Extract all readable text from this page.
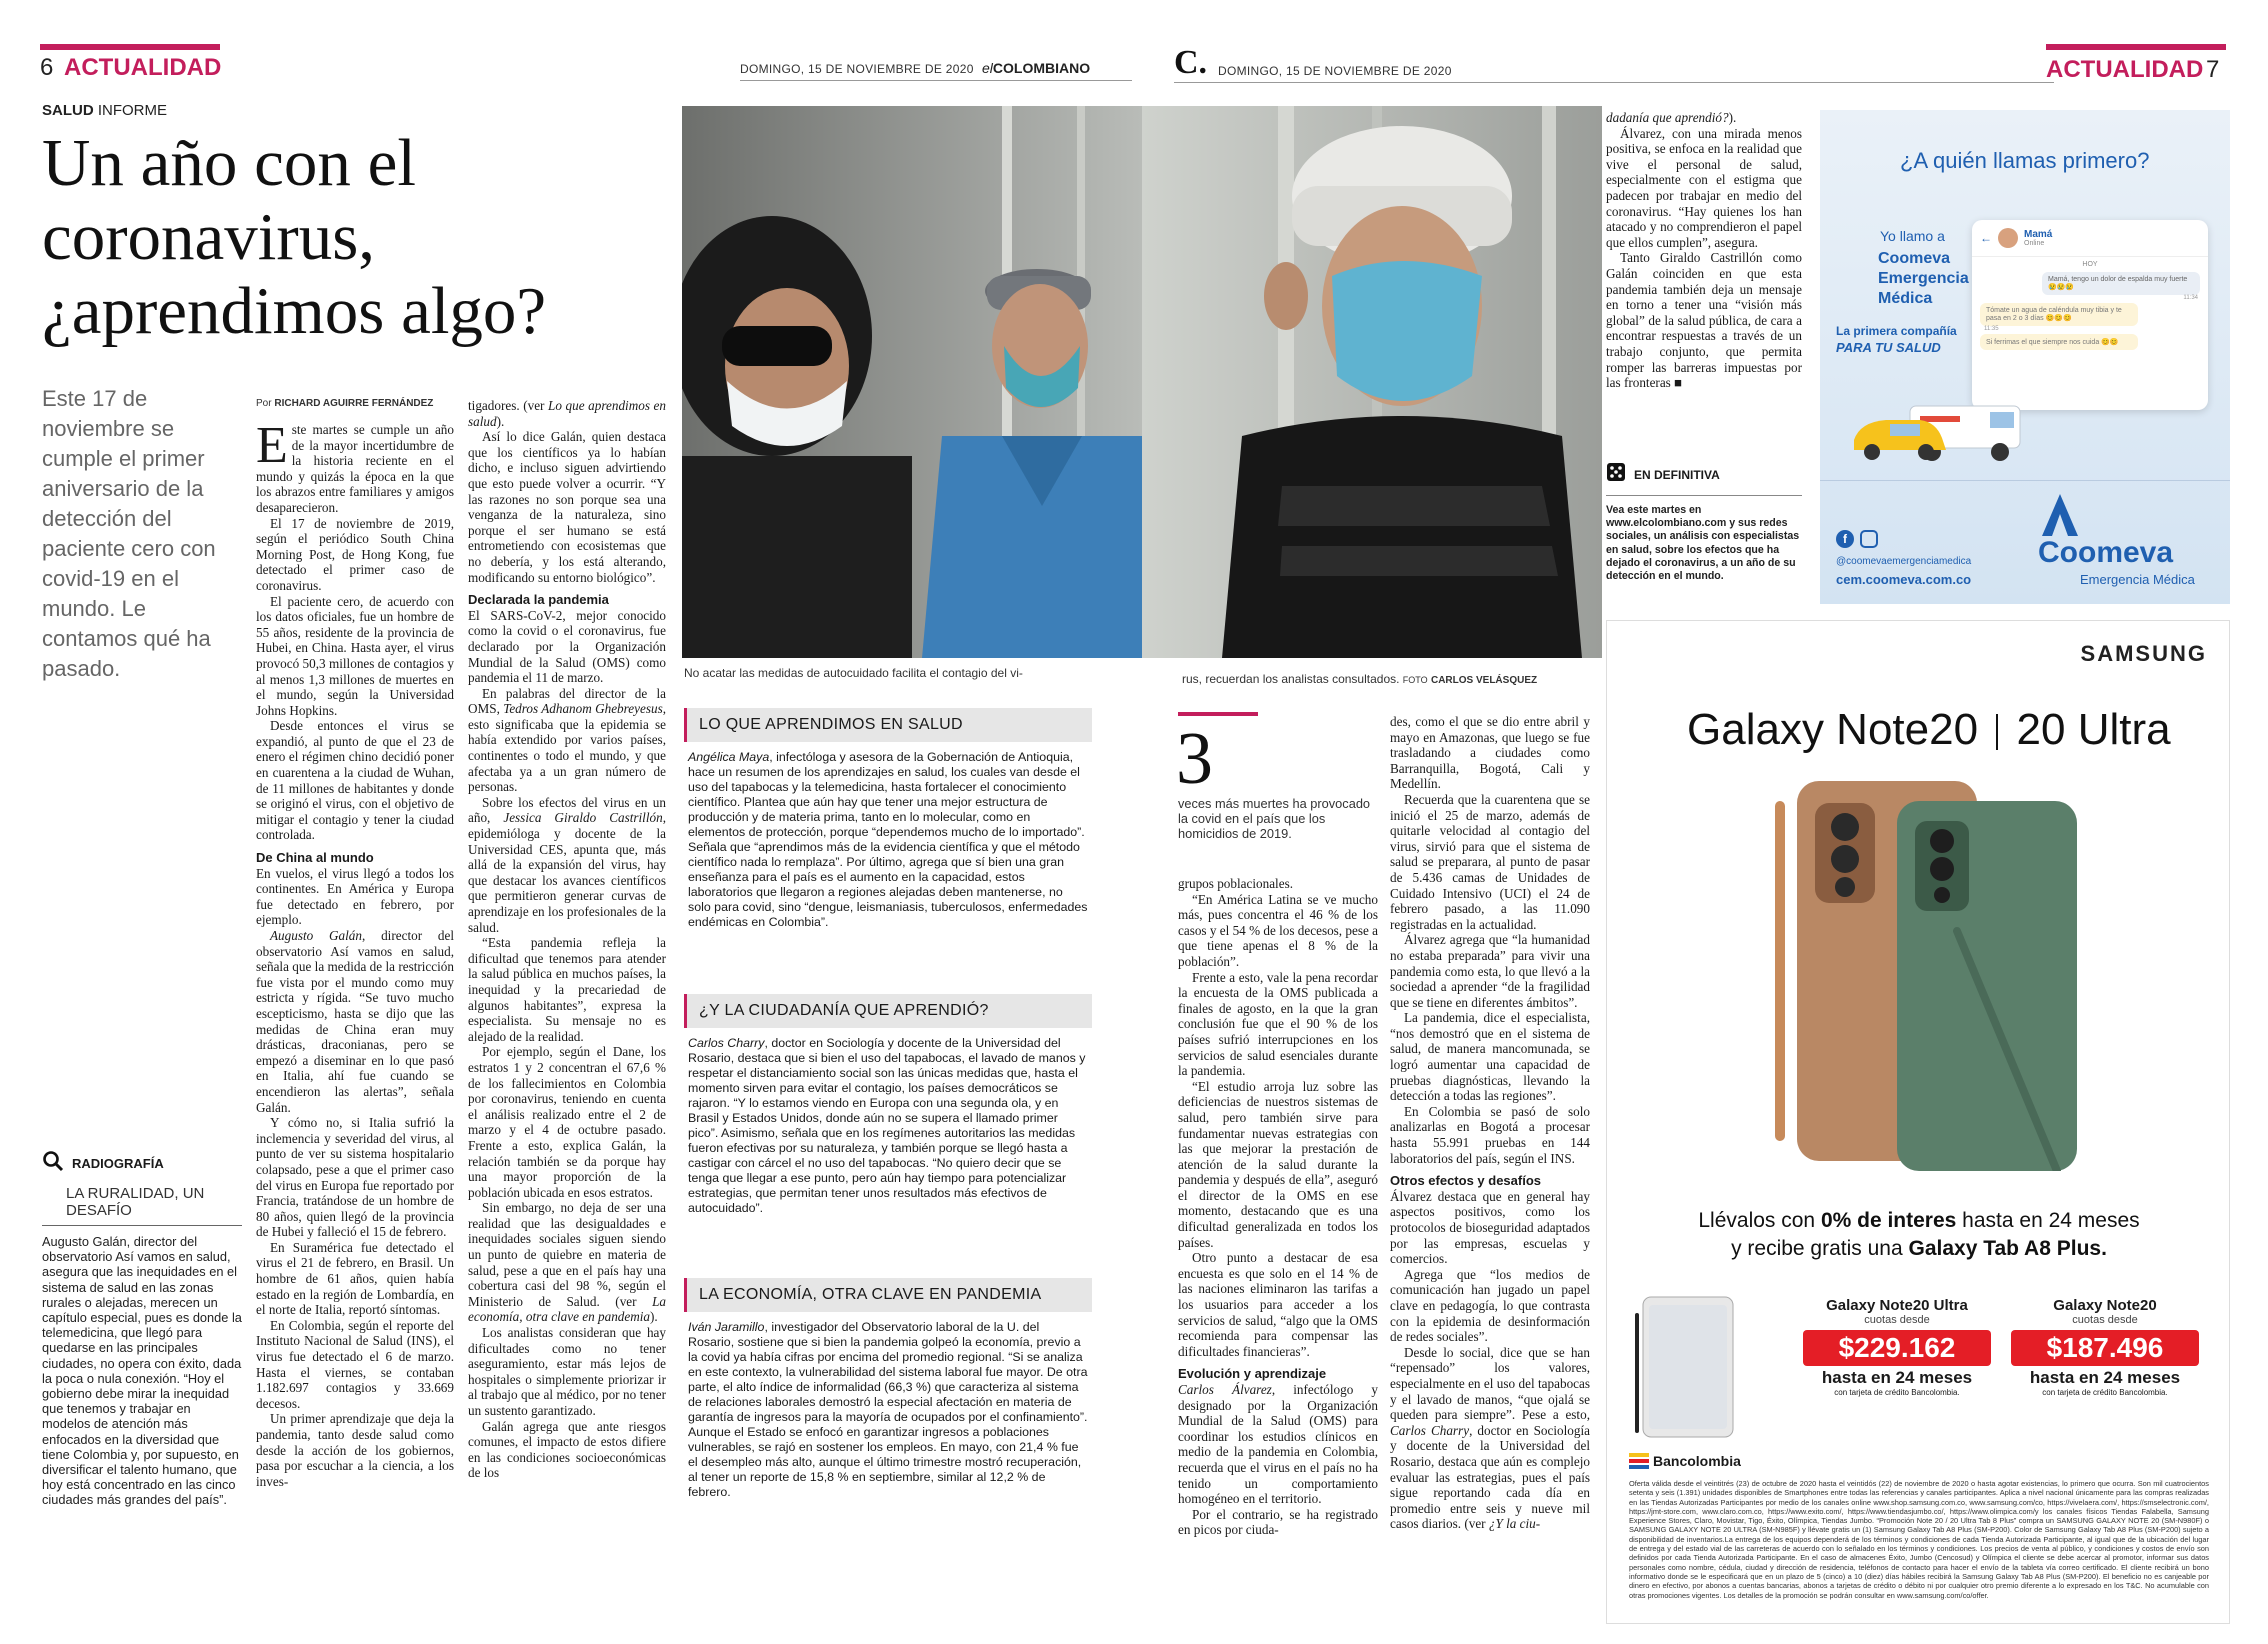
6 ACTUALIDAD	DOMINGO, 15 DE NOVIEMBRE DE 2020 elCOLOMBIANO C. DOMINGO, 15 DE NOVIEMBRE DE 2020	ACTUALIDAD 7
SALUD INFORME
Un año con el coronavirus, ¿aprendimos algo?
Este 17 de noviembre se cumple el primer aniversario de la detección del paciente cero con covid-19 en el mundo. Le contamos qué ha pasado.
RADIOGRAFÍA
LA RURALIDAD, UN DESAFÍO
Augusto Galán, director del observatorio Así vamos en salud, asegura que las inequidades en el sistema de salud en las zonas rurales o alejadas, merecen un capítulo especial, pues es donde la telemedicina, que llegó para quedarse en las principales ciudades, no opera con éxito, dada la poca o nula conexión. “Hoy el gobierno debe mirar la inequidad que tenemos y trabajar en modelos de atención más enfocados en la diversidad que tiene Colombia y, por supuesto, en diversificar el talento humano, que hoy está concentrado en las cinco ciudades más grandes del país”.
Por RICHARD AGUIRRE FERNÁNDEZ

Este martes se cumple un año de la mayor incertidumbre de la historia reciente en el mundo y quizás la época en la que los abrazos entre familiares y amigos desaparecieron.

El 17 de noviembre de 2019, según el periódico South China Morning Post, de Hong Kong, fue detectado el primer caso de coronavirus.

El paciente cero, de acuerdo con los datos oficiales, fue un hombre de 55 años, residente de la provincia de Hubei, en China. Hasta ayer, el virus provocó 50,3 millones de contagios y al menos 1,3 millones de muertes en el mundo, según la Universidad Johns Hopkins.

Desde entonces el virus se expandió, al punto de que el 23 de enero el régimen chino decidió poner en cuarentena a la ciudad de Wuhan, de 11 millones de habitantes y donde se originó el virus, con el objetivo de mitigar el contagio y tener la ciudad controlada.

De China al mundo

En vuelos, el virus llegó a todos los continentes. En América y Europa fue detectado en febrero, por ejemplo.

Augusto Galán, director del observatorio Así vamos en salud, señala que la medida de la restricción fue vista por el mundo como muy estricta y rígida. “Se tuvo mucho escepticismo, hasta se dijo que las medidas de China eran muy drásticas, draconianas, pero se empezó a diseminar en lo que pasó en Italia, ahí fue cuando se encendieron las alertas”, señala Galán.

Y cómo no, si Italia sufrió la inclemencia y severidad del virus, al punto de ver su sistema hospitalario colapsado, pese a que el primer caso del virus en Europa fue reportado por Francia, tratándose de un hombre de 80 años, quien llegó de la provincia de Hubei y falleció el 15 de febrero.

En Suramérica fue detectado el virus el 21 de febrero, en Brasil. Un hombre de 61 años, quien había estado en la región de Lombardía, en el norte de Italia, reportó síntomas.

En Colombia, según el reporte del Instituto Nacional de Salud (INS), el virus fue detectado el 6 de marzo. Hasta el viernes, se contaban 1.182.697 contagios y 33.669 decesos.

Un primer aprendizaje que deja la pandemia, tanto desde salud como desde la acción de los gobiernos, pasa por escuchar a la ciencia, a los inves-

tigadores. (ver Lo que aprendimos en salud).

Así lo dice Galán, quien destaca que los científicos ya lo habían dicho, e incluso siguen advirtiendo que esto puede volver a ocurrir. “Y las razones no son porque sea una venganza de la naturaleza, sino porque el ser humano se está entrometiendo con ecosistemas que no debería, y los está alterando, modificando su entorno biológico”.

Declarada la pandemia

El SARS-CoV-2, mejor conocido como la covid o el coronavirus, fue declarado por la Organización Mundial de la Salud (OMS) como pandemia el 11 de marzo.

En palabras del director de la OMS, Tedros Adhanom Ghebreyesus, esto significaba que la epidemia se había extendido por varios países, continentes o todo el mundo, y que afectaba ya a un gran número de personas.

Sobre los efectos del virus en un año, Jessica Giraldo Castrillón, epidemióloga y docente de la Universidad CES, apunta que, más allá de la expansión del virus, hay que destacar los avances científicos que permitieron generar curvas de aprendizaje en los profesionales de la salud.

“Esta pandemia refleja la dificultad que tenemos para atender la salud pública en muchos países, la inequidad y la precariedad de algunos habitantes”, expresa la especialista. Su mensaje no es alejado de la realidad.

Por ejemplo, según el Dane, los estratos 1 y 2 concentran el 67,6 % de los fallecimientos en Colombia por coronavirus, teniendo en cuenta el análisis realizado entre el 2 de marzo y el 4 de octubre pasado. Frente a esto, explica Galán, la relación también se da porque hay una mayor proporción de la población ubicada en esos estratos.

Sin embargo, no deja de ser una realidad que las desigualdades e inequidades sociales siguen siendo un punto de quiebre en materia de salud, pese a que en el país hay una cobertura casi del 98 %, según el Ministerio de Salud. (ver La economía, otra clave en pandemia).

Los analistas consideran que hay dificultades como no tener aseguramiento, estar más lejos de hospitales o simplemente priorizar ir al trabajo que al médico, por no tener un sustento garantizado.

Galán agrega que ante riesgos comunes, el impacto de estos difiere en las condiciones socioeconómicas de los

No acatar las medidas de autocuidado facilita el contagio del vi-	rus, recuerdan los analistas consultados. FOTO CARLOS VELÁSQUEZ
LO QUE APRENDIMOS EN SALUD
Angélica Maya, infectóloga y asesora de la Gobernación de Antioquia, hace un resumen de los aprendizajes en salud, los cuales van desde el uso del tapabocas y la telemedicina, hasta fortalecer el conocimiento científico. Plantea que aún hay que tener una mejor estructura de producción y de materia prima, tanto en lo molecular, como en elementos de protección, porque “dependemos mucho de lo importado”. Señala que “aprendimos más de la evidencia científica y que el método científico nada lo remplaza”. Por último, agrega que sí bien una gran enseñanza para el país es el aumento en la capacidad, estos laboratorios que llegaron a regiones alejadas deben mantenerse, no solo para covid, sino “dengue, leismaniasis, tuberculosos, enfermedades endémicas en Colombia”.
¿Y LA CIUDADANÍA QUE APRENDIÓ?
Carlos Charry, doctor en Sociología y docente de la Universidad del Rosario, destaca que si bien el uso del tapabocas, el lavado de manos y respetar el distanciamiento social son las únicas medidas que, hasta el momento sirven para evitar el contagio, los países democráticos se rajaron. “Y lo estamos viendo en Europa con una segunda ola, y en Brasil y Estados Unidos, donde aún no se supera el llamado primer pico”. Asimismo, señala que en los regímenes autoritarios las medidas fueron efectivas por su naturaleza, y también porque se llegó hasta a castigar con cárcel el no uso del tapabocas. “No quiero decir que se tenga que llegar a ese punto, pero aún hay tiempo para potencializar estrategias, que permitan tener unos resultados más efectivos de autocuidado”.
LA ECONOMÍA, OTRA CLAVE EN PANDEMIA
Iván Jaramillo, investigador del Observatorio laboral de la U. del Rosario, sostiene que si bien la pandemia golpeó la economía, previo a la covid ya había cifras por encima del promedio regional. “Si se analiza en este contexto, la vulnerabilidad del sistema laboral fue mayor. De otra parte, el alto índice de informalidad (66,3 %) que caracteriza al sistema de relaciones laborales demostró la especial afectación en materia de garantía de ingresos para la mayoría de ocupados por el confinamiento”. Aunque el Estado se enfocó en garantizar ingresos a poblaciones vulnerables, se rajó en sostener los empleos. En mayo, con 21,4 % fue el desempleo más alto, aunque el último trimestre mostró recuperación, al tener un reporte de 15,8 % en septiembre, similar al 12,2 % de febrero.
3
veces más muertes ha provocado la covid en el país que los homicidios de 2019.

grupos poblacionales.

“En América Latina se ve mucho más, pues concentra el 46 % de los casos y el 54 % de los decesos, pese a que tiene apenas el 8 % de la población”.

Frente a esto, vale la pena recordar la encuesta de la OMS publicada a finales de agosto, en la que la gran conclusión fue que el 90 % de los países sufrió interrupciones en los servicios de salud esenciales durante la pandemia.

“El estudio arroja luz sobre las deficiencias de nuestros sistemas de salud, pero también sirve para fundamentar nuevas estrategias con las que mejorar la prestación de atención de la salud durante la pandemia y después de ella”, aseguró el director de la OMS en ese momento, destacando que es una dificultad generalizada en todos los países.

Otro punto a destacar de esa encuesta es que solo en el 14 % de las naciones eliminaron las tarifas a los usuarios para acceder a los servicios de salud, “algo que la OMS recomienda para compensar las dificultades financieras”.

Evolución y aprendizaje

Carlos Álvarez, infectólogo y designado por la Organización Mundial de la Salud (OMS) para coordinar los estudios clínicos en medio de la pandemia en Colombia, recuerda que el virus en el país no ha tenido un comportamiento homogéneo en el territorio.

Por el contrario, se ha registrado en picos por ciuda-

des, como el que se dio entre abril y mayo en Amazonas, que luego se fue trasladando a ciudades como Barranquilla, Bogotá, Cali y Medellín.

Recuerda que la cuarentena que se inició el 25 de marzo, además de quitarle velocidad al contagio del virus, sirvió para que el sistema de salud se preparara, al punto de pasar de 5.436 camas de Unidades de Cuidado Intensivo (UCI) el 24 de febrero pasado, a las 11.090 registradas en la actualidad.

Álvarez agrega que “la humanidad no estaba preparada” para vivir una pandemia como esta, lo que llevó a la sociedad a aprender “de la fragilidad que se tiene en diferentes ámbitos”.

La pandemia, dice el especialista, “nos demostró que en el sistema de salud, de manera mancomunada, se logró aumentar una capacidad de pruebas diagnósticas, llevando la detección a todas las regiones”.

En Colombia se pasó de solo analizarlas en Bogotá a procesar hasta 55.991 pruebas en 144 laboratorios del país, según el INS.

Otros efectos y desafíos

Álvarez destaca que en general hay aspectos positivos, como los protocolos de bioseguridad adaptados por las empresas, escuelas y comercios.

Agrega que “los medios de comunicación han jugado un papel clave en pedagogía, lo que contrasta con la epidemia de desinformación de redes sociales”.

Desde lo social, dice que se han “repensado” los valores, especialmente en el uso del tapabocas y el lavado de manos, “que ojalá se queden para siempre”. Pese a esto, Carlos Charry, doctor en Sociología y docente de la Universidad del Rosario, destaca que aún es complejo evaluar las estrategias, pues el país sigue reportando cada día en promedio entre seis y nueve mil casos diarios. (ver ¿Y la ciu-

dadanía que aprendió?).

Álvarez, con una mirada menos positiva, se enfoca en la realidad que vive el personal de salud, especialmente con el estigma que padecen por trabajar en medio del coronavirus. “Hay quienes los han atacado y no comprendieron el papel que ellos cumplen”, asegura.

Tanto Giraldo Castrillón como Galán coinciden en que esta pandemia también deja un mensaje en torno a tener una “visión más global” de la salud pública, de cara a encontrar respuestas a través de un trabajo conjunto, que permita romper las barreras impuestas por las fronteras ■

EN DEFINITIVA
Vea este martes en www.elcolombiano.com y sus redes sociales, un análisis con especialistas en salud, sobre los efectos que ha dejado el coronavirus, a un año de su detección en el mundo.
¿A quién llamas primero?
Yo llamo a
Coomeva
Emergencia
Médica
La primera compañía
PARA TU SALUD
←	Mamá
Online
HOY
Mamá, tengo un dolor de espalda muy fuerte 😢😢😢
11:34
Tómate un agua de caléndula muy tibia y te pasa en 2 o 3 días 😊😊😊
11:35
Si ferrimas el que siempre nos cuida 😊😊
f
@coomevaemergenciamedica
cem.coomeva.com.co
Coomeva
Emergencia Médica
SAMSUNG
Galaxy Note20 20 Ultra
Llévalos con 0% de interes hasta en 24 meses
y recibe gratis una Galaxy Tab A8 Plus.
Galaxy Note20 Ultra
cuotas desde
$229.162
hasta en 24 meses
con tarjeta de crédito Bancolombia.
Galaxy Note20
cuotas desde
$187.496
hasta en 24 meses
con tarjeta de crédito Bancolombia.
Bancolombia
Oferta válida desde el veintitrés (23) de octubre de 2020 hasta el veintidós (22) de noviembre de 2020 o hasta agotar existencias, lo primero que ocurra. Son mil cuatrocientos setenta y seis (1.391) unidades disponibles de Smartphones entre todas las referencias y canales participantes. Aplica a nivel nacional únicamente para las compras realizadas en las Tiendas Autorizadas Participantes por medio de los canales online www.shop.samsung.com.co, www.samsung.com/co, https://vivelaera.com/, https://smselectronic.com/, https://jmt-store.com, www.claro.com.co, https://www.exito.com/, https://www.tiendasjumbo.co/, https://www.olimpica.com/y los canales físicos Tiendas Falabella, Samsung Experience Stores, Claro, Movistar, Tigo, Éxito, Olímpica, Tiendas Jumbo. “Promoción Note 20 / 20 Ultra Tab 8 Plus” compra un SAMSUNG GALAXY NOTE 20 (SM-N980F) o SAMSUNG GALAXY NOTE 20 ULTRA (SM-N985F) y llévate gratis un (1) Samsung Galaxy Tab A8 Plus (SM-P200). Color de Samsung Galaxy Tab A8 Plus (SM-P200) sujeto a disponibilidad de inventarios.La entrega de los equipos dependerá de los términos y condiciones de cada Tienda Autorizada Participante, al igual que de la ubicación del lugar de entrega y del estado vial de las carreteras de acuerdo con lo señalado en los términos y condiciones. Los precios de venta al público, y condiciones y costos de envío son definidos por cada Tienda Autorizada Participante. En el caso de almacenes Éxito, Jumbo (Cencosud) y Olímpica el cliente se debe acercar al promotor, informar sus datos personales como nombre, cédula, ciudad y dirección de residencia, teléfonos de contacto para hacer el envío de la tableta vía correo certificado. El cliente recibirá un bono informativo donde se le especificará que en un plazo de 5 (cinco) a 10 (diez) días hábiles recibirá la Samsung Galaxy Tab A8 Plus (SM-P200). El beneficio no es canjeable por dinero en efectivo, por abonos a cuentas bancarias, abonos a tarjetas de crédito o débito ni por cualquier otro premio diferente a lo expresado en los T&C. No acumulable con otras promociones vigentes. Los detalles de la promoción se podrán consultar en www.samsung.com/co/offer.
